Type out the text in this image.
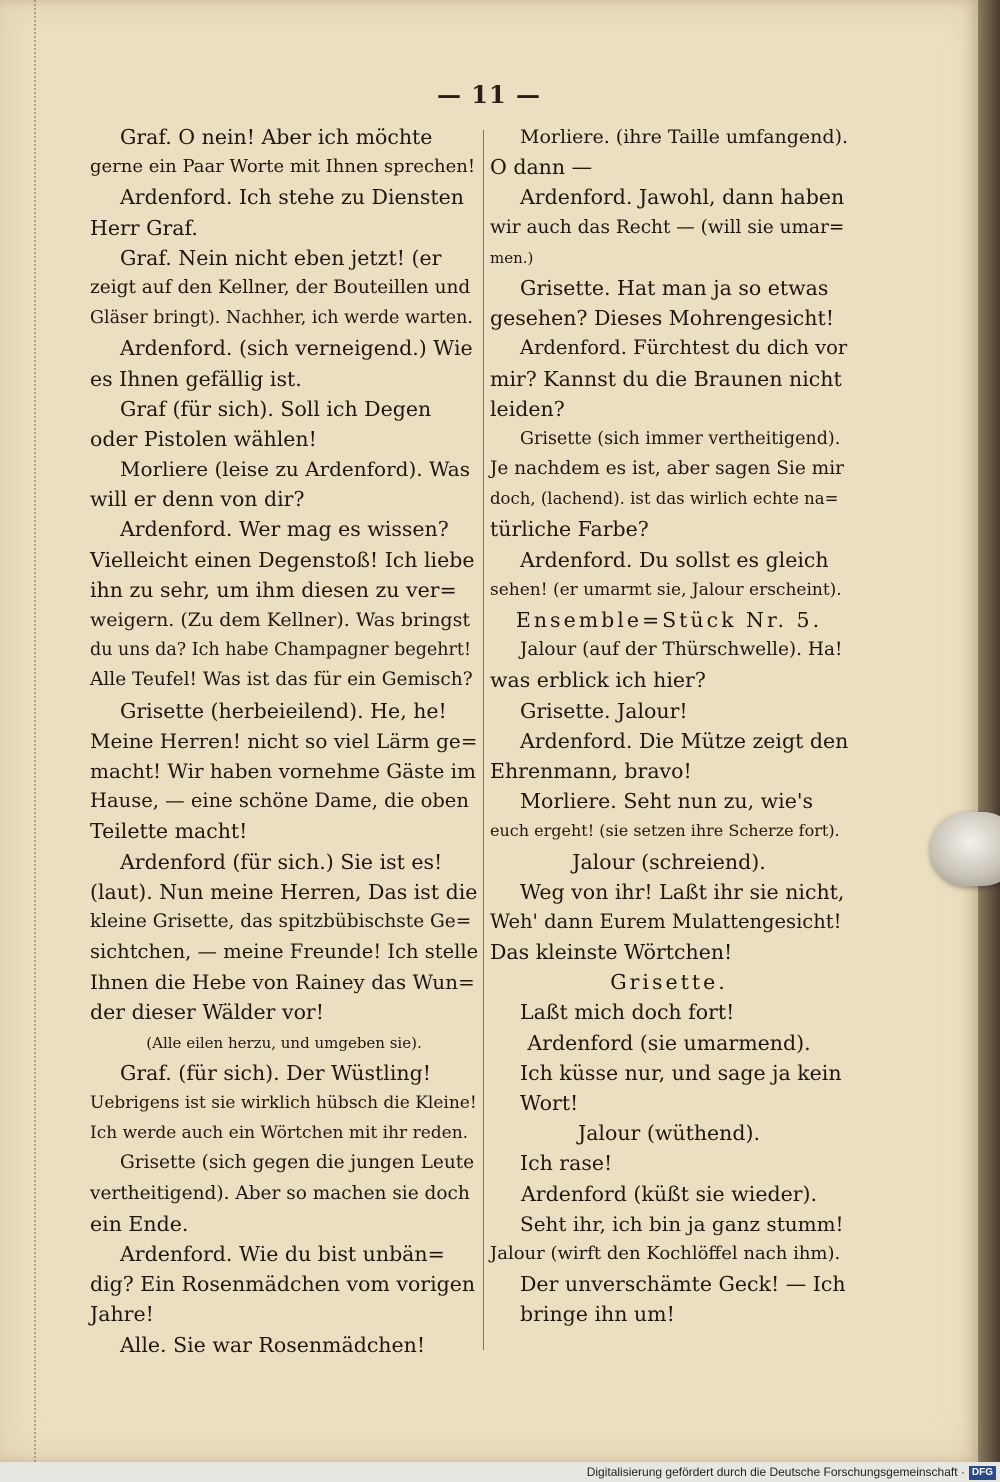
— 11 —
Graf. O nein! Aber ich möchte
gerne ein Paar Worte mit Ihnen sprechen!
Ardenford. Ich stehe zu Diensten
Herr Graf.
Graf. Nein nicht eben jetzt! (er
zeigt auf den Kellner, der Bouteillen und
Gläser bringt). Nachher, ich werde warten.
Ardenford. (sich verneigend.) Wie
es Ihnen gefällig ist.
Graf (für sich). Soll ich Degen
oder Pistolen wählen!
Morliere (leise zu Ardenford). Was
will er denn von dir?
Ardenford. Wer mag es wissen?
Vielleicht einen Degenstoß! Ich liebe
ihn zu sehr, um ihm diesen zu ver=
weigern. (Zu dem Kellner). Was bringst
du uns da? Ich habe Champagner begehrt!
Alle Teufel! Was ist das für ein Gemisch?
Grisette (herbeieilend). He, he!
Meine Herren! nicht so viel Lärm ge=
macht! Wir haben vornehme Gäste im
Hause, — eine schöne Dame, die oben
Teilette macht!
Ardenford (für sich.) Sie ist es!
(laut). Nun meine Herren, Das ist die
kleine Grisette, das spitzbübischste Ge=
sichtchen, — meine Freunde! Ich stelle
Ihnen die Hebe von Rainey das Wun=
der dieser Wälder vor!
(Alle eilen herzu, und umgeben sie).
Graf. (für sich). Der Wüstling!
Uebrigens ist sie wirklich hübsch die Kleine!
Ich werde auch ein Wörtchen mit ihr reden.
Grisette (sich gegen die jungen Leute
vertheitigend). Aber so machen sie doch
ein Ende.
Ardenford. Wie du bist unbän=
dig? Ein Rosenmädchen vom vorigen
Jahre!
Alle. Sie war Rosenmädchen!
Morliere. (ihre Taille umfangend).
O dann —
Ardenford. Jawohl, dann haben
wir auch das Recht — (will sie umar=
men.)
Grisette. Hat man ja so etwas
gesehen? Dieses Mohrengesicht!
Ardenford. Fürchtest du dich vor
mir? Kannst du die Braunen nicht
leiden?
Grisette (sich immer vertheitigend).
Je nachdem es ist, aber sagen Sie mir
doch, (lachend). ist das wirlich echte na=
türliche Farbe?
Ardenford. Du sollst es gleich
sehen! (er umarmt sie, Jalour erscheint).
Ensemble=Stück Nr. 5.
Jalour (auf der Thürschwelle). Ha!
was erblick ich hier?
Grisette. Jalour!
Ardenford. Die Mütze zeigt den
Ehrenmann, bravo!
Morliere. Seht nun zu, wie's
euch ergeht! (sie setzen ihre Scherze fort).
Jalour (schreiend).
Weg von ihr! Laßt ihr sie nicht,
Weh' dann Eurem Mulattengesicht!
Das kleinste Wörtchen!
Grisette.
Laßt mich doch fort!
Ardenford (sie umarmend).
Ich küsse nur, und sage ja kein
Wort!
Jalour (wüthend).
Ich rase!
Ardenford (küßt sie wieder).
Seht ihr, ich bin ja ganz stumm!
Jalour (wirft den Kochlöffel nach ihm).
Der unverschämte Geck! — Ich
bringe ihn um!
Digitalisierung gefördert durch die Deutsche Forschungsgemeinschaft · DFG
